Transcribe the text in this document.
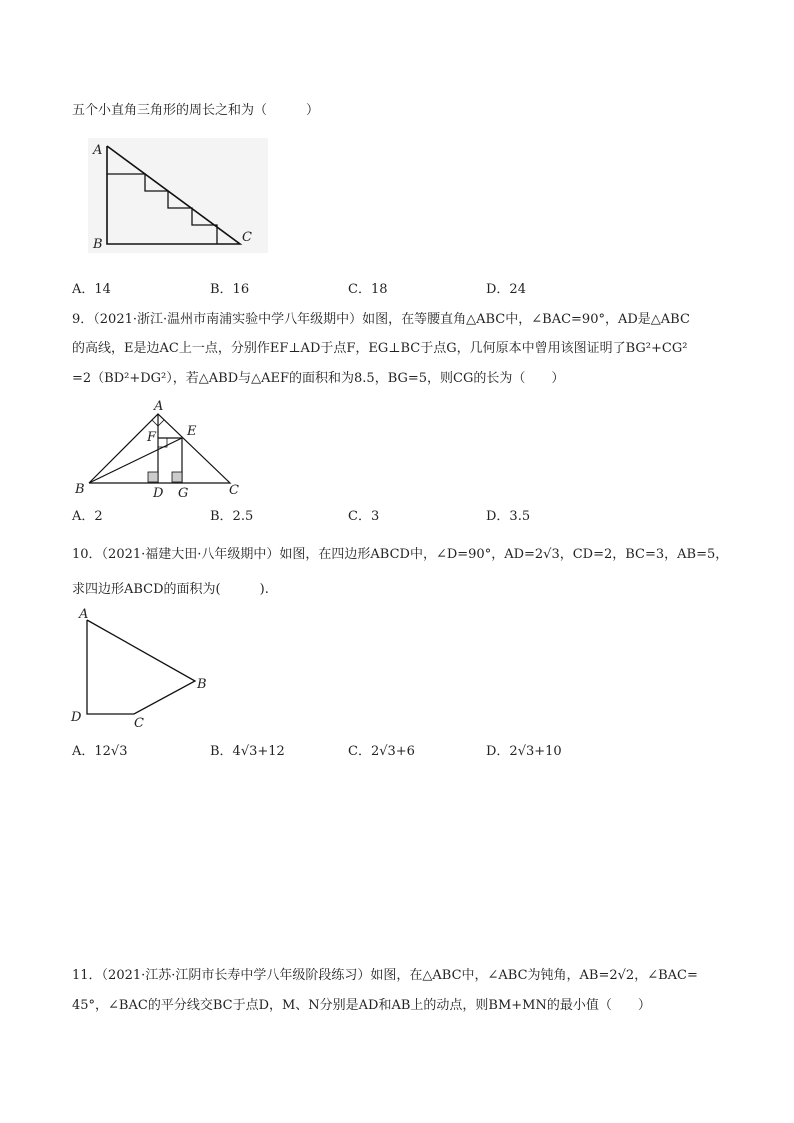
五个小直角三角形的周长之和为（　　　）
A
B	C
A．14	B．16	C．18	D．24
9．（2021·浙江·温州市南浦实验中学八年级期中）如图，在等腰直角△ABC中，∠BAC=90°，AD是△ABC
的高线，E是边AC上一点，分别作EF⊥AD于点F，EG⊥BC于点G，几何原本中曾用该图证明了BG²+CG²
=2（BD²+DG²），若△ABD与△AEF的面积和为8.5，BG=5，则CG的长为（　　）
A
B	C
D
E
F
G
A．2	B．2.5	C．3	D．3.5
10．（2021·福建大田·八年级期中）如图，在四边形ABCD中，∠D=90°，AD=2√3，CD=2，BC=3，AB=5，
求四边形ABCD的面积为(　　　).
A
B
C
D
A．12√3	B．4√3+12	C．2√3+6	D．2√3+10
11．（2021·江苏·江阴市长寿中学八年级阶段练习）如图，在△ABC中，∠ABC为钝角，AB=2√2，∠BAC=
45°，∠BAC的平分线交BC于点D，M、N分别是AD和AB上的动点，则BM+MN的最小值（　　）
